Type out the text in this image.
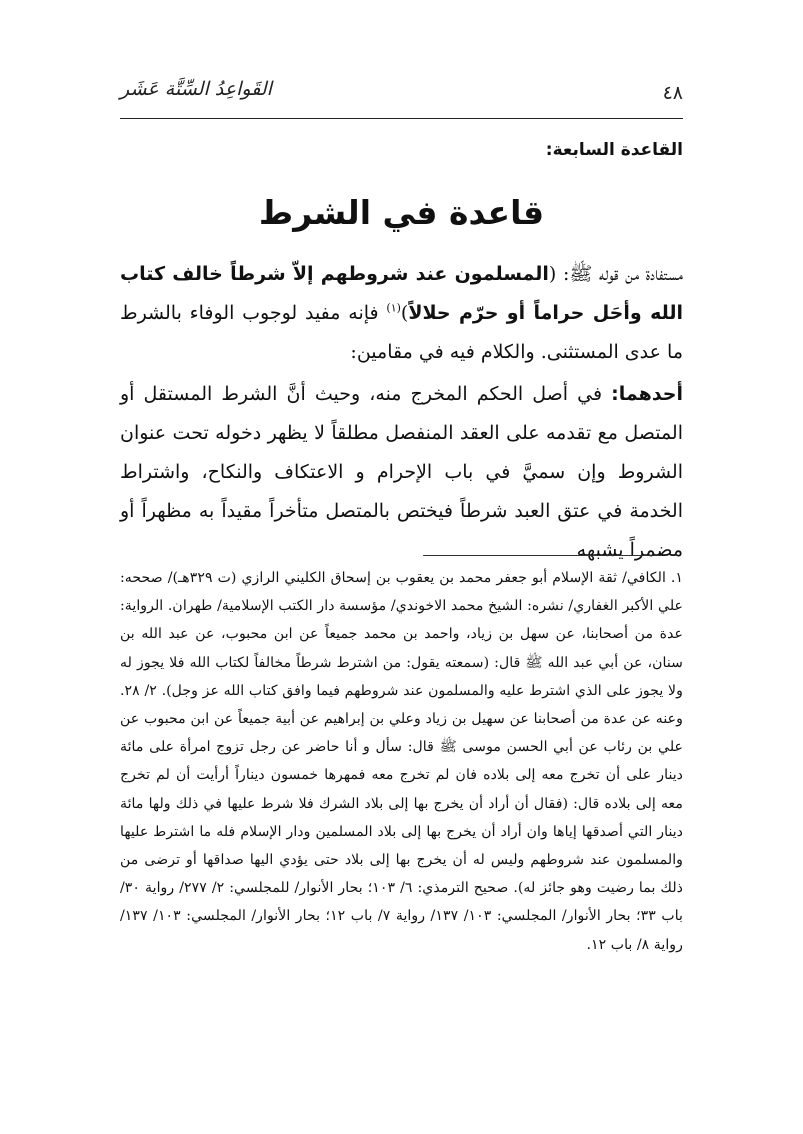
القَواعِدُ السِّتَّة عَشَر	٤٨
القاعدة السابعة:
قاعدة في الشرط
مستفادة من قوله ﷺ: (المسلمون عند شروطهم إلاّ شرطاً خالف كتاب الله وأحَل حراماً أو حرّم حلالاً)$^{(١)}$ فإنه مفيد لوجوب الوفاء بالشرط ما عدى المستثنى. والكلام فيه في مقامين:
أحدهما: في أصل الحكم المخرج منه، وحيث أنَّ الشرط المستقل أو المتصل مع تقدمه على العقد المنفصل مطلقاً لا يظهر دخوله تحت عنوان الشروط وإن سميَّ في باب الإحرام و الاعتكاف والنكاح، واشتراط الخدمة في عتق العبد شرطاً فيختص بالمتصل متأخراً مقيداً به مظهراً أو مضمراً يشبهه
١. الكافي/ ثقة الإسلام أبو جعفر محمد بن يعقوب بن إسحاق الكليني الرازي (ت ٣٢٩هـ)/ صححه: علي الأكبر الغفاري/ نشره: الشيخ محمد الاخوندي/ مؤسسة دار الكتب الإسلامية/ طهران. الرواية: عدة من أصحابنا، عن سهل بن زياد، واحمد بن محمد جميعاً عن ابن محبوب، عن عبد الله بن سنان، عن أبي عبد الله ﷺ قال: (سمعته يقول: من اشترط شرطاً مخالفاً لكتاب الله فلا يجوز له ولا يجوز على الذي اشترط عليه والمسلمون عند شروطهم فيما وافق كتاب الله عز وجل). ٢/ ٢٨. وعنه عن عدة من أصحابنا عن سهيل بن زياد وعلي بن إبراهيم عن أبية جميعاً عن ابن محبوب عن علي بن رئاب عن أبي الحسن موسى ﷺ قال: سأل و أنا حاضر عن رجل تزوج امرأة على مائة دينار على أن تخرج معه إلى بلاده فان لم تخرج معه فمهرها خمسون ديناراً أرأيت أن لم تخرج معه إلى بلاده قال: (فقال أن أراد أن يخرج بها إلى بلاد الشرك فلا شرط عليها في ذلك ولها مائة دينار التي أصدقها إياها وان أراد أن يخرج بها إلى بلاد المسلمين ودار الإسلام فله ما اشترط عليها والمسلمون عند شروطهم وليس له أن يخرج بها إلى بلاد حتى يؤدي اليها صداقها أو ترضى من ذلك بما رضيت وهو جائز له). صحيح الترمذي: ٦/ ١٠٣؛ بحار الأنوار/ للمجلسي: ٢/ ٢٧٧/ رواية ٣٠/ باب ٣٣؛ بحار الأنوار/ المجلسي: ١٠٣/ ١٣٧/ رواية ٧/ باب ١٢؛ بحار الأنوار/ المجلسي: ١٠٣/ ١٣٧/ رواية ٨/ باب ١٢.
